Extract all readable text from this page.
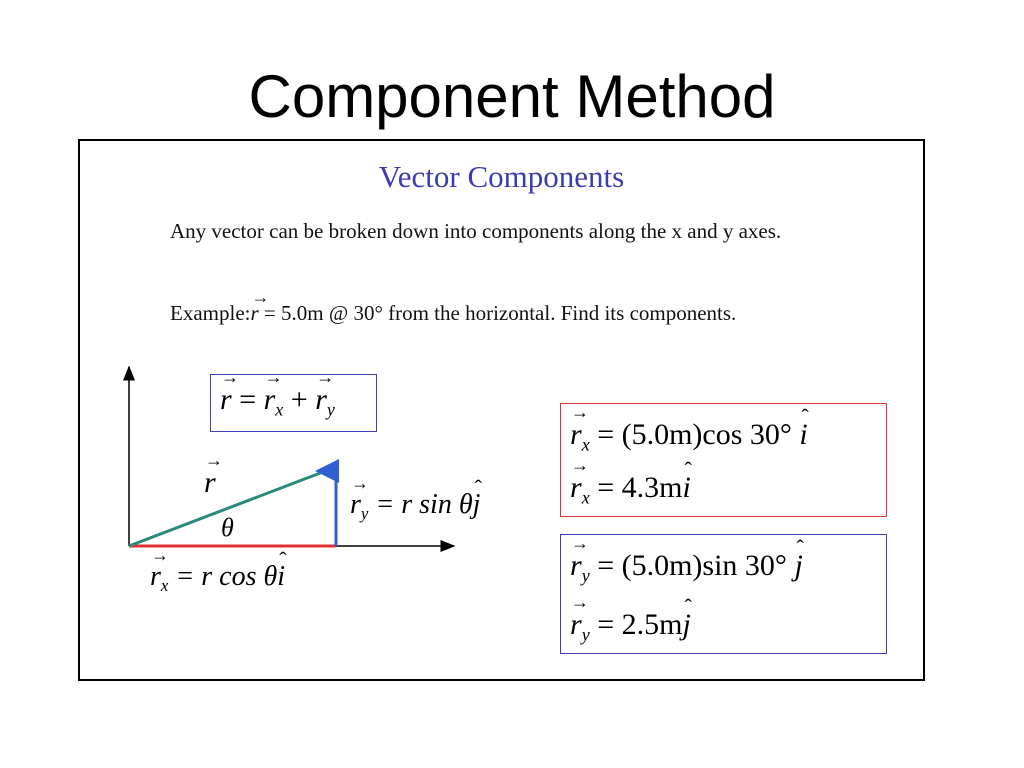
Component Method
Vector Components
Any vector can be broken down into components along the x and y axes.
Example:→ r = 5.0m @ 30° from the horizontal. Find its components.
→ r
θ
→ r = → $r_x$ + → $r_y$
→ $r_y = r$ sin θˆ j
→ $r_x = r$ cos θˆ i
→ $r_x = (5.0m)\cos$ 30° ˆ i
→ $r_x$ = 4.3mˆ i
→ $r_y = (5.0m)\sin$ 30° ˆ j
→ $r_y$ = 2.5mˆ j
